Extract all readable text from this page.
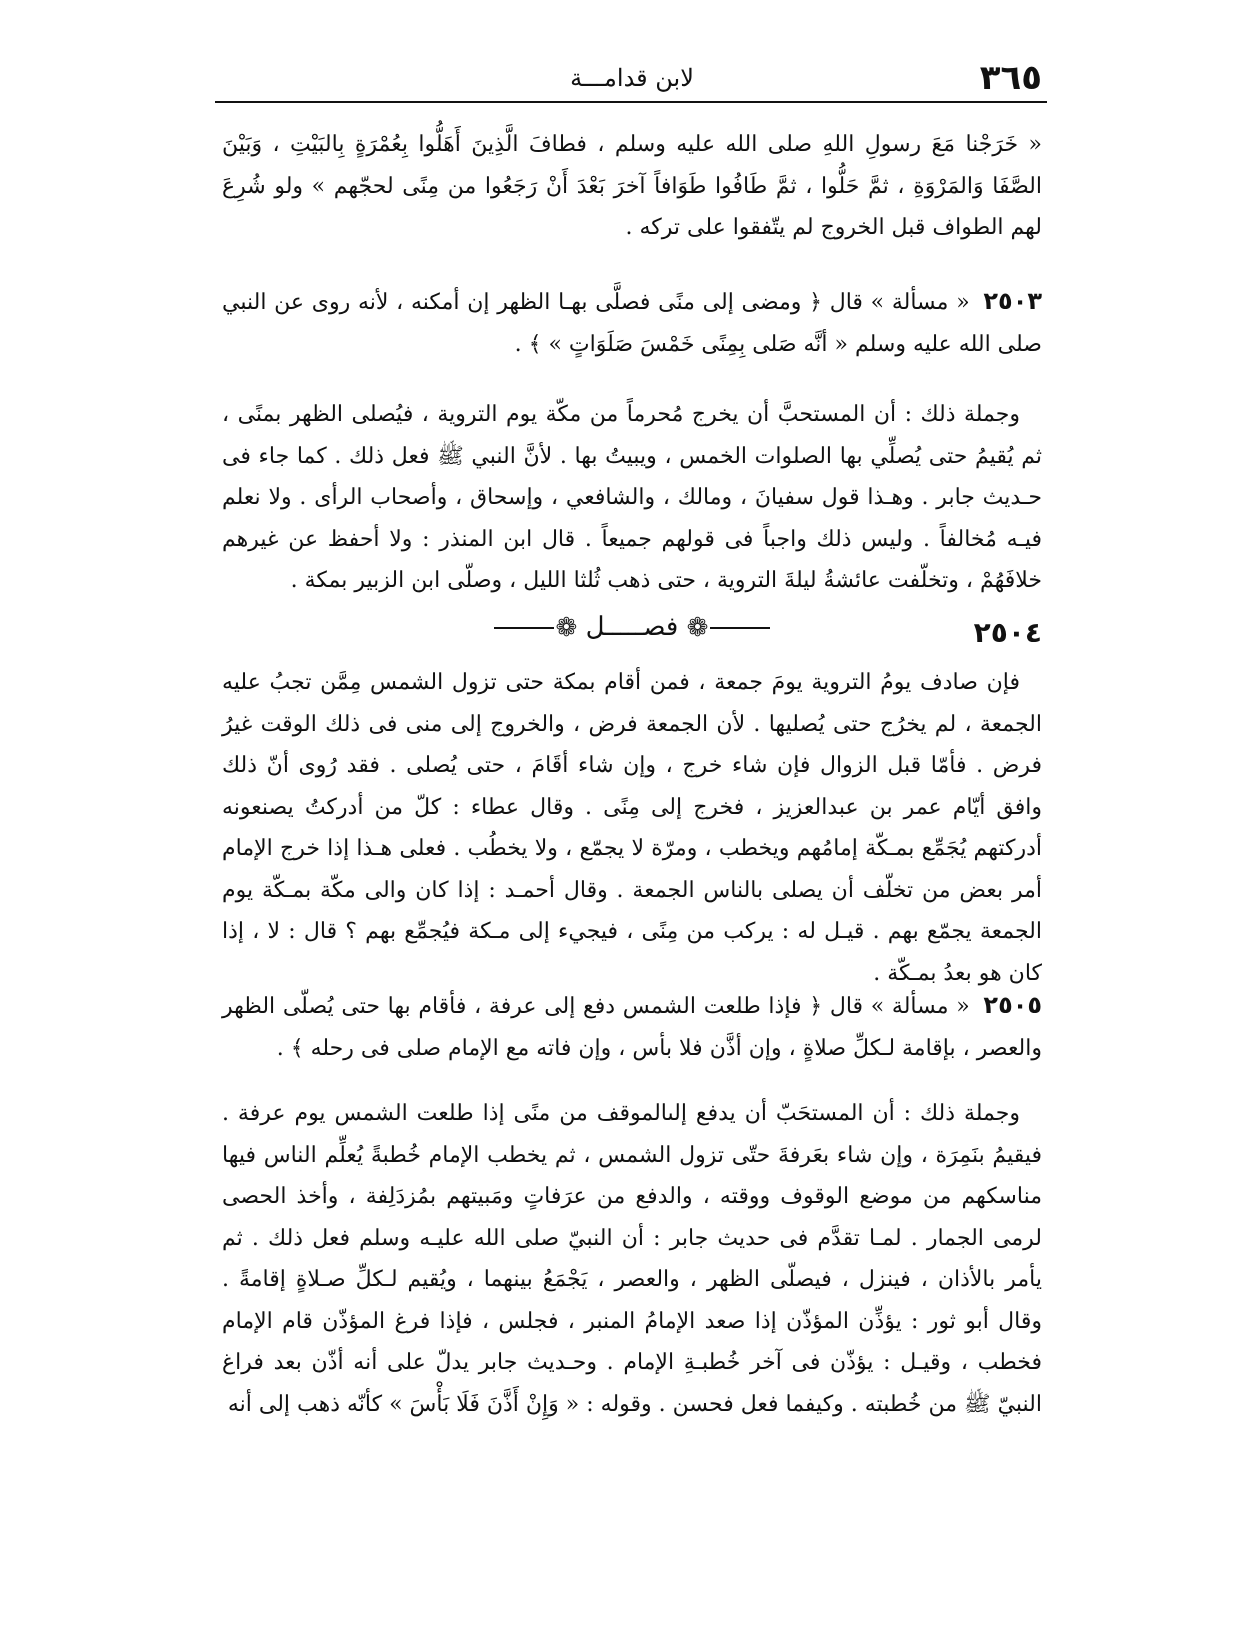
٣٦٥
لابن قدامـــة
« خَرَجْنا مَعَ رسولِ اللهِ صلى الله عليه وسلم ، فطافَ الَّذِينَ أَهَلُّوا بِعُمْرَةٍ بِالبَيْتِ ، وَبَيْنَ الصَّفَا وَالمَرْوَةِ ، ثمَّ حَلُّوا ، ثمَّ طَافُوا طَوَافاً آخرَ بَعْدَ أَنْ رَجَعُوا من مِنًى لحجّهم » ولو شُرِعَ لهم الطواف قبل الخروج لم يتّفقوا على تركه .
٢٥٠٣ « مسألة » قال ﴿ ومضى إلى منًى فصلَّى بهـا الظهر إن أمكنه ، لأنه روى عن النبي صلى الله عليه وسلم « أنَّه صَلى بِمِنًى خَمْسَ صَلَوَاتٍ » ﴾ .
وجملة ذلك : أن المستحبَّ أن يخرج مُحرماً من مكّة يوم التروية ، فيُصلى الظهر بمنًى ، ثم يُقيمُ حتى يُصلِّي بها الصلوات الخمس ، ويبيتُ بها . لأنَّ النبي ﷺ فعل ذلك . كما جاء فى حـديث جابر . وهـذا قول سفيانَ ، ومالك ، والشافعي ، وإسحاق ، وأصحاب الرأى . ولا نعلم فيـه مُخالفاً . وليس ذلك واجباً فى قولهم جميعاً . قال ابن المنذر : ولا أحفظ عن غيرهم خلافَهُمْ ، وتخلّفت عائشةُ ليلةَ التروية ، حتى ذهب ثُلثا الليل ، وصلّى ابن الزبير بمكة .
٢٥٠٤
❁ فصـــــل ❁
فإن صادف يومُ التروية يومَ جمعة ، فمن أقام بمكة حتى تزول الشمس مِمَّن تجبُ عليه الجمعة ، لم يخرُج حتى يُصليها . لأن الجمعة فرض ، والخروج إلى منى فى ذلك الوقت غيرُ فرض . فأمّا قبل الزوال فإن شاء خرج ، وإن شاء أقَامَ ، حتى يُصلى . فقد رُوى أنّ ذلك وافق أيّام عمر بن عبدالعزيز ، فخرج إلى مِنًى . وقال عطاء : كلّ من أدركتُ يصنعونه أدركتهم يُجَمِّع بمـكّة إمامُهم ويخطب ، ومرّة لا يجمّع ، ولا يخطُب . فعلى هـذا إذا خرج الإمام أمر بعض من تخلّف أن يصلى بالناس الجمعة . وقال أحمـد : إذا كان والى مكّة بمـكّة يوم الجمعة يجمّع بهم . قيـل له : يركب من مِنًى ، فيجيء إلى مـكة فيُجمِّع بهم ؟ قال : لا ، إذا كان هو بعدُ بمـكّة .
٢٥٠٥ « مسألة » قال ﴿ فإذا طلعت الشمس دفع إلى عرفة ، فأقام بها حتى يُصلّى الظهر والعصر ، بإقامة لـكلِّ صلاةٍ ، وإن أذَّن فلا بأس ، وإن فاته مع الإمام صلى فى رحله ﴾ .
وجملة ذلك : أن المستحَبّ أن يدفع إلىالموقف من منًى إذا طلعت الشمس يوم عرفة . فيقيمُ بنَمِرَة ، وإن شاء بعَرفةَ حتّى تزول الشمس ، ثم يخطب الإمام خُطبةً يُعلِّم الناس فيها مناسكهم من موضع الوقوف ووقته ، والدفع من عرَفاتٍ ومَبيتهم بمُزدَلِفة ، وأخذ الحصى لرمى الجمار . لمـا تقدَّم فى حديث جابر : أن النبيّ صلى الله عليـه وسلم فعل ذلك . ثم يأمر بالأذان ، فينزل ، فيصلّى الظهر ، والعصر ، يَجْمَعُ بينهما ، ويُقيم لـكلِّ صـلاةٍ إقامةً . وقال أبو ثور : يؤذِّن المؤذّن إذا صعد الإمامُ المنبر ، فجلس ، فإذا فرغ المؤذّن قام الإمام فخطب ، وقيـل : يؤذّن فى آخر خُطبـةِ الإمام . وحـديث جابر يدلّ على أنه أذّن بعد فراغ النبيّ ﷺ من خُطبته . وكيفما فعل فحسن . وقوله : « وَإِنْ أَذَّنَ فَلَا بَأْسَ » كأنّه ذهب إلى أنه
